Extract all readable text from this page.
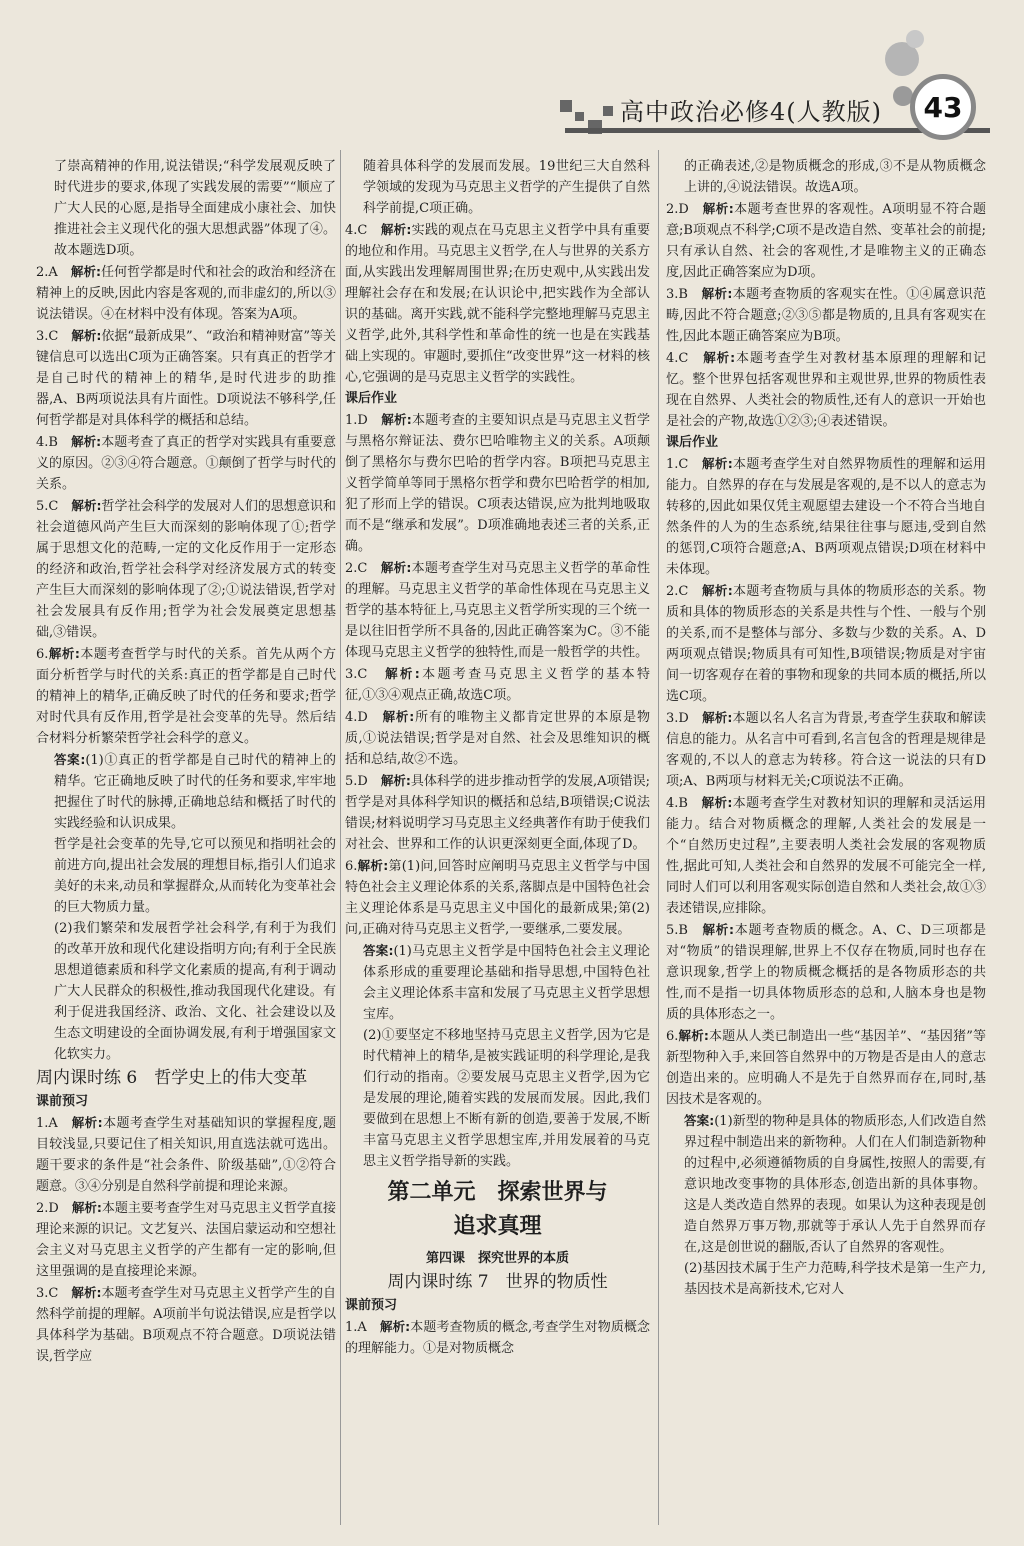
高中政治必修4(人教版)	43

了崇高精神的作用,说法错误;“科学发展观反映了时代进步的要求,体现了实践发展的需要”“顺应了广大人民的心愿,是指导全面建成小康社会、加快推进社会主义现代化的强大思想武器”体现了④。故本题选D项。

2.A　 解析:任何哲学都是时代和社会的政治和经济在精神上的反映,因此内容是客观的,而非虚幻的,所以③说法错误。④在材料中没有体现。答案为A项。

3.C　 解析:依据“最新成果”、“政治和精神财富”等关键信息可以选出C项为正确答案。只有真正的哲学才是自己时代的精神上的精华,是时代进步的助推器,A、B两项说法具有片面性。D项说法不够科学,任何哲学都是对具体科学的概括和总结。

4.B　 解析:本题考查了真正的哲学对实践具有重要意义的原因。②③④符合题意。①颠倒了哲学与时代的关系。

5.C　 解析:哲学社会科学的发展对人们的思想意识和社会道德风尚产生巨大而深刻的影响体现了①;哲学属于思想文化的范畴,一定的文化反作用于一定形态的经济和政治,哲学社会科学对经济发展方式的转变产生巨大而深刻的影响体现了②;①说法错误,哲学对社会发展具有反作用;哲学为社会发展奠定思想基础,③错误。

6.解析:本题考查哲学与时代的关系。首先从两个方面分析哲学与时代的关系:真正的哲学都是自己时代的精神上的精华,正确反映了时代的任务和要求;哲学对时代具有反作用,哲学是社会变革的先导。然后结合材料分析繁荣哲学社会科学的意义。

答案:(1)①真正的哲学都是自己时代的精神上的精华。它正确地反映了时代的任务和要求,牢牢地把握住了时代的脉搏,正确地总结和概括了时代的实践经验和认识成果。

哲学是社会变革的先导,它可以预见和指明社会的前进方向,提出社会发展的理想目标,指引人们追求美好的未来,动员和掌握群众,从而转化为变革社会的巨大物质力量。

(2)我们繁荣和发展哲学社会科学,有利于为我们的改革开放和现代化建设指明方向;有利于全民族思想道德素质和科学文化素质的提高,有利于调动广大人民群众的积极性,推动我国现代化建设。有利于促进我国经济、政治、文化、社会建设以及生态文明建设的全面协调发展,有利于增强国家文化软实力。

周内课时练 6　哲学史上的伟大变革

课前预习

1.A　 解析:本题考查学生对基础知识的掌握程度,题目较浅显,只要记住了相关知识,用直选法就可选出。题干要求的条件是“社会条件、阶级基础”,①②符合题意。③④分别是自然科学前提和理论来源。

2.D　 解析:本题主要考查学生对马克思主义哲学直接理论来源的识记。文艺复兴、法国启蒙运动和空想社会主义对马克思主义哲学的产生都有一定的影响,但这里强调的是直接理论来源。

3.C　 解析:本题考查学生对马克思主义哲学产生的自然科学前提的理解。A项前半句说法错误,应是哲学以具体科学为基础。B项观点不符合题意。D项说法错误,哲学应

随着具体科学的发展而发展。19世纪三大自然科学领域的发现为马克思主义哲学的产生提供了自然科学前提,C项正确。

4.C　 解析:实践的观点在马克思主义哲学中具有重要的地位和作用。马克思主义哲学,在人与世界的关系方面,从实践出发理解周围世界;在历史观中,从实践出发理解社会存在和发展;在认识论中,把实践作为全部认识的基础。离开实践,就不能科学完整地理解马克思主义哲学,此外,其科学性和革命性的统一也是在实践基础上实现的。审题时,要抓住“改变世界”这一材料的核心,它强调的是马克思主义哲学的实践性。

课后作业

1.D　 解析:本题考查的主要知识点是马克思主义哲学与黑格尔辩证法、费尔巴哈唯物主义的关系。A项颠倒了黑格尔与费尔巴哈的哲学内容。B项把马克思主义哲学简单等同于黑格尔哲学和费尔巴哈哲学的相加,犯了形而上学的错误。C项表达错误,应为批判地吸取而不是“继承和发展”。D项准确地表述三者的关系,正确。

2.C　 解析:本题考查学生对马克思主义哲学的革命性的理解。马克思主义哲学的革命性体现在马克思主义哲学的基本特征上,马克思主义哲学所实现的三个统一是以往旧哲学所不具备的,因此正确答案为C。③不能体现马克思主义哲学的独特性,而是一般哲学的共性。

3.C　 解析:本题考查马克思主义哲学的基本特征,①③④观点正确,故选C项。

4.D　 解析:所有的唯物主义都肯定世界的本原是物质,①说法错误;哲学是对自然、社会及思维知识的概括和总结,故②不选。

5.D　 解析:具体科学的进步推动哲学的发展,A项错误;哲学是对具体科学知识的概括和总结,B项错误;C说法错误;材料说明学习马克思主义经典著作有助于使我们对社会、世界和工作的认识更深刻更全面,体现了D。

6.解析:第(1)问,回答时应阐明马克思主义哲学与中国特色社会主义理论体系的关系,落脚点是中国特色社会主义理论体系是马克思主义中国化的最新成果;第(2)问,正确对待马克思主义哲学,一要继承,二要发展。

答案:(1)马克思主义哲学是中国特色社会主义理论体系形成的重要理论基础和指导思想,中国特色社会主义理论体系丰富和发展了马克思主义哲学思想宝库。

(2)①要坚定不移地坚持马克思主义哲学,因为它是时代精神上的精华,是被实践证明的科学理论,是我们行动的指南。②要发展马克思主义哲学,因为它是发展的理论,随着实践的发展而发展。因此,我们要做到在思想上不断有新的创造,要善于发展,不断丰富马克思主义哲学思想宝库,并用发展着的马克思主义哲学指导新的实践。

第二单元　探索世界与
追求真理

第四课　探究世界的本质

周内课时练 7　世界的物质性

课前预习

1.A　 解析:本题考查物质的概念,考查学生对物质概念的理解能力。①是对物质概念

的正确表述,②是物质概念的形成,③不是从物质概念上讲的,④说法错误。故选A项。

2.D　 解析:本题考查世界的客观性。A项明显不符合题意;B项观点不科学;C项不是改造自然、变革社会的前提;只有承认自然、社会的客观性,才是唯物主义的正确态度,因此正确答案应为D项。

3.B　 解析:本题考查物质的客观实在性。①④属意识范畴,因此不符合题意;②③⑤都是物质的,且具有客观实在性,因此本题正确答案应为B项。

4.C　 解析:本题考查学生对教材基本原理的理解和记忆。整个世界包括客观世界和主观世界,世界的物质性表现在自然界、人类社会的物质性,还有人的意识一开始也是社会的产物,故选①②③;④表述错误。

课后作业

1.C　 解析:本题考查学生对自然界物质性的理解和运用能力。自然界的存在与发展是客观的,是不以人的意志为转移的,因此如果仅凭主观愿望去建设一个不符合当地自然条件的人为的生态系统,结果往往事与愿违,受到自然的惩罚,C项符合题意;A、B两项观点错误;D项在材料中未体现。

2.C　 解析:本题考查物质与具体的物质形态的关系。物质和具体的物质形态的关系是共性与个性、一般与个别的关系,而不是整体与部分、多数与少数的关系。A、D两项观点错误;物质具有可知性,B项错误;物质是对宇宙间一切客观存在着的事物和现象的共同本质的概括,所以选C项。

3.D　 解析:本题以名人名言为背景,考查学生获取和解读信息的能力。从名言中可看到,名言包含的哲理是规律是客观的,不以人的意志为转移。符合这一说法的只有D项;A、B两项与材料无关;C项说法不正确。

4.B　 解析:本题考查学生对教材知识的理解和灵活运用能力。结合对物质概念的理解,人类社会的发展是一个“自然历史过程”,主要表明人类社会发展的客观物质性,据此可知,人类社会和自然界的发展不可能完全一样,同时人们可以利用客观实际创造自然和人类社会,故①③表述错误,应排除。

5.B　 解析:本题考查物质的概念。A、C、D三项都是对“物质”的错误理解,世界上不仅存在物质,同时也存在意识现象,哲学上的物质概念概括的是各物质形态的共性,而不是指一切具体物质形态的总和,人脑本身也是物质的具体形态之一。

6.解析:本题从人类已制造出一些“基因羊”、“基因猪”等新型物种入手,来回答自然界中的万物是否是由人的意志创造出来的。应明确人不是先于自然界而存在,同时,基因技术是客观的。

答案:(1)新型的物种是具体的物质形态,人们改造自然界过程中制造出来的新物种。人们在人们制造新物种的过程中,必须遵循物质的自身属性,按照人的需要,有意识地改变事物的具体形态,创造出新的具体事物。这是人类改造自然界的表现。如果认为这种表现是创造自然界万事万物,那就等于承认人先于自然界而存在,这是创世说的翻版,否认了自然界的客观性。

(2)基因技术属于生产力范畴,科学技术是第一生产力,基因技术是高新技术,它对人
